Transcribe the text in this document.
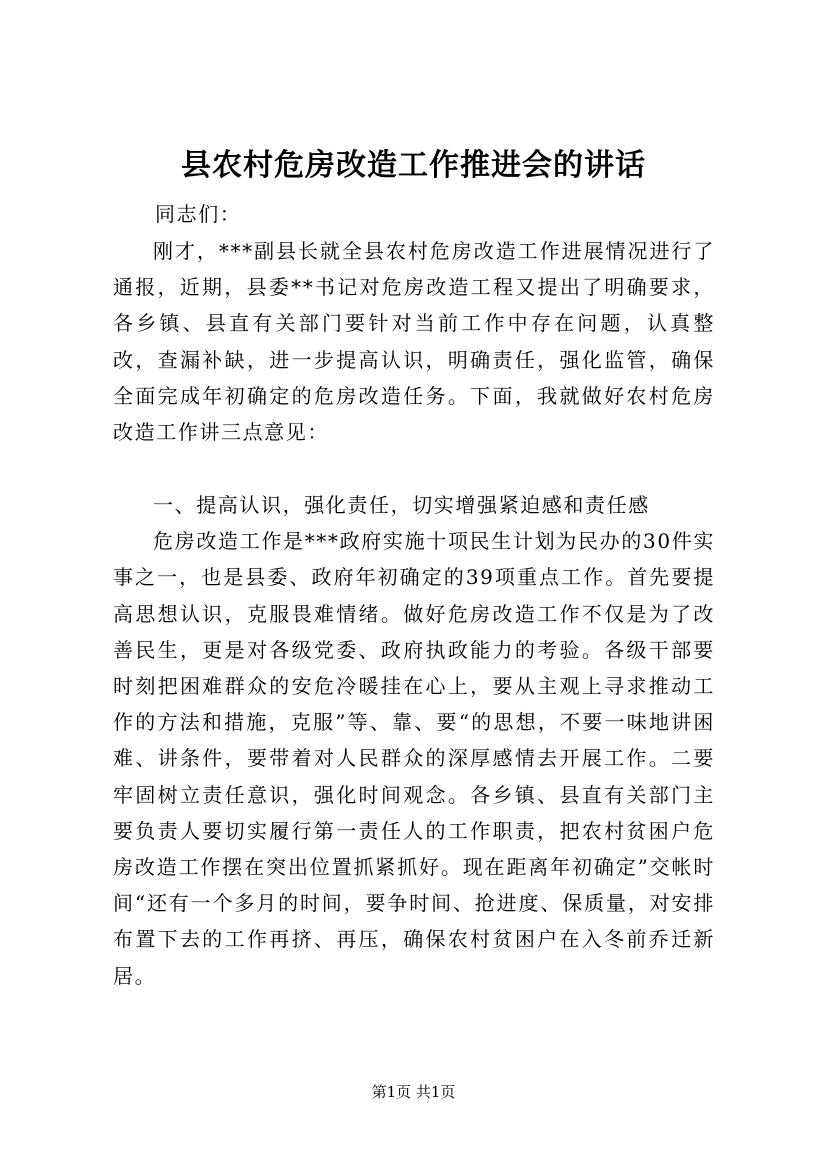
县农村危房改造工作推进会的讲话
同志们：

刚才，***副县长就全县农村危房改造工作进展情况进行了通报，近期，县委**书记对危房改造工程又提出了明确要求，各乡镇、县直有关部门要针对当前工作中存在问题，认真整改，查漏补缺，进一步提高认识，明确责任，强化监管，确保全面完成年初确定的危房改造任务。下面，我就做好农村危房改造工作讲三点意见：

一、提高认识，强化责任，切实增强紧迫感和责任感

危房改造工作是***政府实施十项民生计划为民办的30件实事之一，也是县委、政府年初确定的39项重点工作。首先要提高思想认识，克服畏难情绪。做好危房改造工作不仅是为了改善民生，更是对各级党委、政府执政能力的考验。各级干部要时刻把困难群众的安危冷暖挂在心上，要从主观上寻求推动工作的方法和措施，克服”等、靠、要“的思想，不要一味地讲困难、讲条件，要带着对人民群众的深厚感情去开展工作。二要牢固树立责任意识，强化时间观念。各乡镇、县直有关部门主要负责人要切实履行第一责任人的工作职责，把农村贫困户危房改造工作摆在突出位置抓紧抓好。现在距离年初确定”交帐时间“还有一个多月的时间，要争时间、抢进度、保质量，对安排布置下去的工作再挤、再压，确保农村贫困户在入冬前乔迁新居。

第1页 共1页
